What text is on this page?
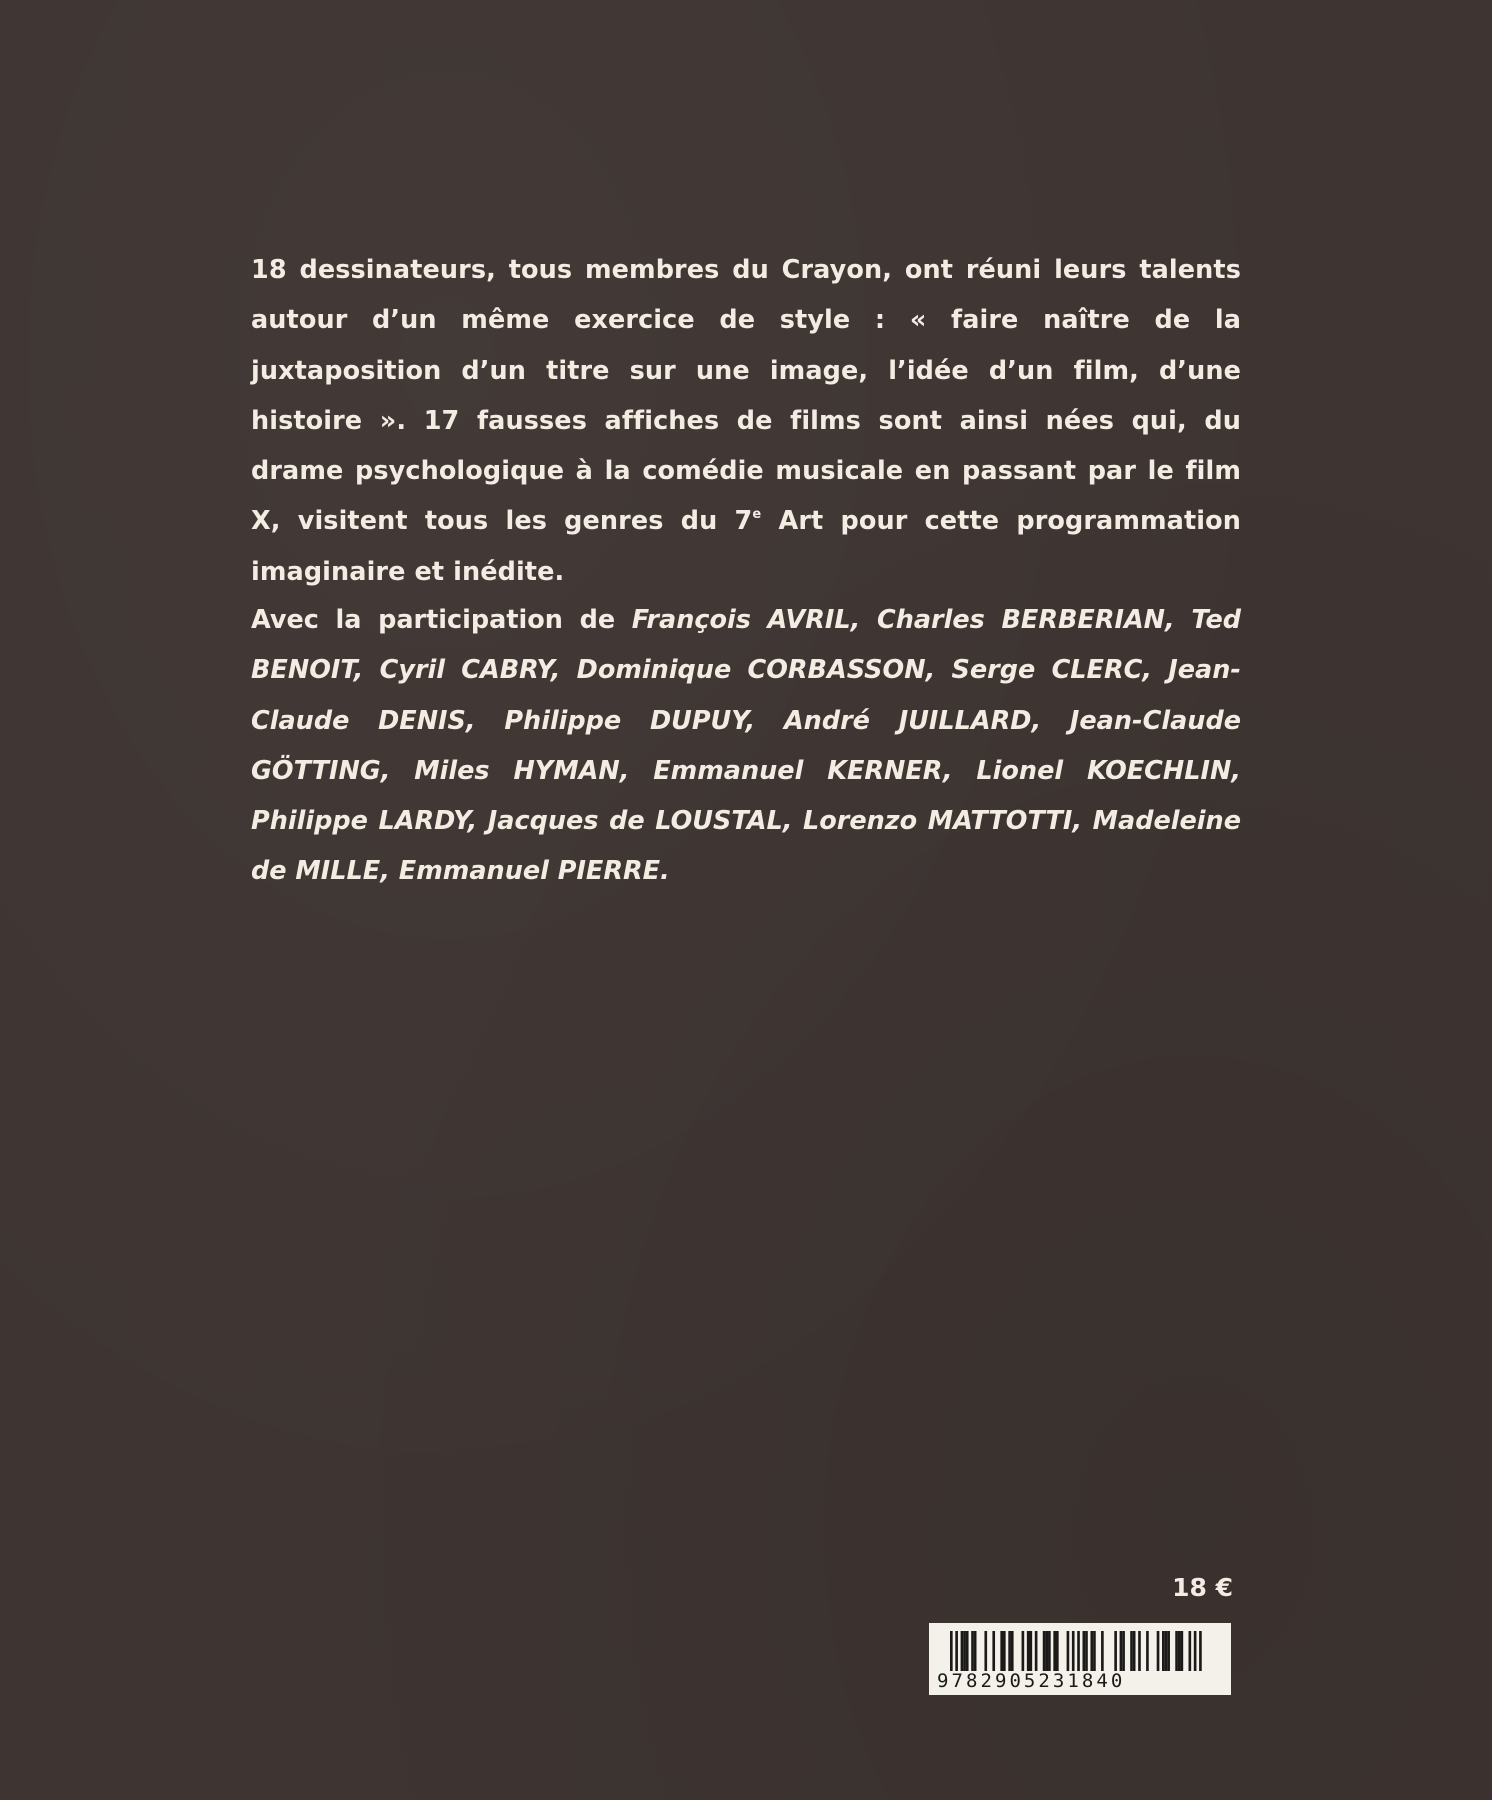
18 dessinateurs, tous membres du Crayon, ont réuni leurs talents autour d’un même exercice de style : « faire naître de la juxtaposition d’un titre sur une image, l’idée d’un film, d’une histoire ». 17 fausses affiches de films sont ainsi nées qui, du drame psychologique à la comédie musicale en passant par le film X, visitent tous les genres du 7e Art pour cette programmation imaginaire et inédite.

Avec la participation de François AVRIL, Charles BERBERIAN, Ted BENOIT, Cyril CABRY, Dominique CORBASSON, Serge CLERC, Jean-Claude DENIS, Philippe DUPUY, André JUILLARD, Jean-Claude GÖTTING, Miles HYMAN, Emmanuel KERNER, Lionel KOECHLIN, Philippe LARDY, Jacques de LOUSTAL, Lorenzo MATTOTTI, Madeleine de MILLE, Emmanuel PIERRE.

18 €
9782905231840
